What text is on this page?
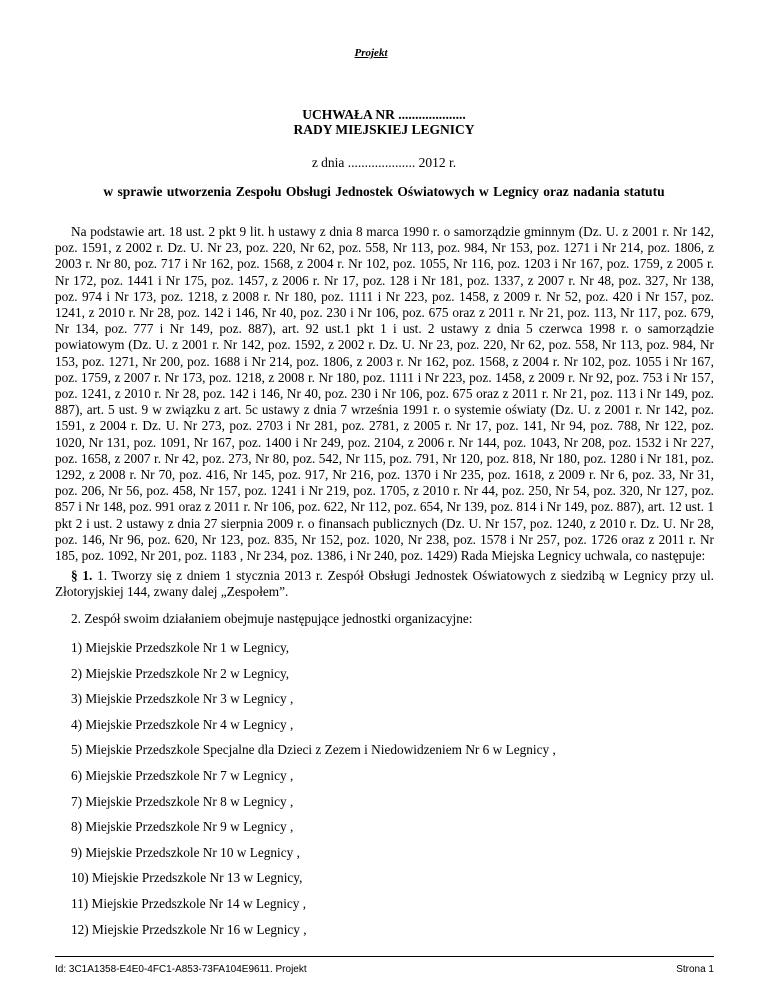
Projekt
UCHWAŁA NR ....................
RADY MIEJSKIEJ LEGNICY
z dnia .................... 2012 r.
w sprawie utworzenia Zespołu Obsługi Jednostek Oświatowych w Legnicy oraz nadania statutu

Na podstawie art. 18 ust. 2 pkt 9 lit. h ustawy z dnia 8 marca 1990 r. o samorządzie gminnym (Dz. U. z 2001 r. Nr 142, poz. 1591, z 2002 r. Dz. U. Nr 23, poz. 220, Nr 62, poz. 558, Nr 113, poz. 984, Nr 153, poz. 1271 i Nr 214, poz. 1806, z 2003 r. Nr 80, poz. 717 i Nr 162, poz. 1568, z 2004 r. Nr 102, poz. 1055, Nr 116, poz. 1203 i Nr 167, poz. 1759, z 2005 r. Nr 172, poz. 1441 i Nr 175, poz. 1457, z 2006 r. Nr 17, poz. 128 i Nr 181, poz. 1337, z 2007 r. Nr 48, poz. 327, Nr 138, poz. 974 i Nr 173, poz. 1218, z 2008 r. Nr 180, poz. 1111 i Nr 223, poz. 1458, z 2009 r. Nr 52, poz. 420 i Nr 157, poz. 1241, z 2010 r. Nr 28, poz. 142 i 146, Nr 40, poz. 230 i Nr 106, poz. 675 oraz z 2011 r. Nr 21, poz. 113, Nr 117, poz. 679, Nr 134, poz. 777 i Nr 149, poz. 887), art. 92 ust.1 pkt 1 i ust. 2 ustawy z dnia 5 czerwca 1998 r. o samorządzie powiatowym (Dz. U. z 2001 r. Nr 142, poz. 1592, z 2002 r. Dz. U. Nr 23, poz. 220, Nr 62, poz. 558, Nr 113, poz. 984, Nr 153, poz. 1271, Nr 200, poz. 1688 i Nr 214, poz. 1806, z 2003 r. Nr 162, poz. 1568, z 2004 r. Nr 102, poz. 1055 i Nr 167, poz. 1759, z 2007 r. Nr 173, poz. 1218, z 2008 r. Nr 180, poz. 1111 i Nr 223, poz. 1458, z 2009 r. Nr 92, poz. 753 i Nr 157, poz. 1241, z 2010 r. Nr 28, poz. 142 i 146, Nr 40, poz. 230 i Nr 106, poz. 675 oraz z 2011 r. Nr 21, poz. 113 i Nr 149, poz. 887), art. 5 ust. 9 w związku z art. 5c ustawy z dnia 7 września 1991 r. o systemie oświaty (Dz. U. z 2001 r. Nr 142, poz. 1591, z 2004 r. Dz. U. Nr 273, poz. 2703 i Nr 281, poz. 2781, z 2005 r. Nr 17, poz. 141, Nr 94, poz. 788, Nr 122, poz. 1020, Nr 131, poz. 1091, Nr 167, poz. 1400 i Nr 249, poz. 2104, z 2006 r. Nr 144, poz. 1043, Nr 208, poz. 1532 i Nr 227, poz. 1658, z 2007 r. Nr 42, poz. 273, Nr 80, poz. 542, Nr 115, poz. 791, Nr 120, poz. 818, Nr 180, poz. 1280 i Nr 181, poz. 1292, z 2008 r. Nr 70, poz. 416, Nr 145, poz. 917, Nr 216, poz. 1370 i Nr 235, poz. 1618, z 2009 r. Nr 6, poz. 33, Nr 31, poz. 206, Nr 56, poz. 458, Nr 157, poz. 1241 i Nr 219, poz. 1705, z 2010 r. Nr 44, poz. 250, Nr 54, poz. 320, Nr 127, poz. 857 i Nr 148, poz. 991 oraz z 2011 r. Nr 106, poz. 622, Nr 112, poz. 654, Nr 139, poz. 814 i Nr 149, poz. 887), art. 12 ust. 1 pkt 2 i ust. 2 ustawy z dnia 27 sierpnia 2009 r. o finansach publicznych (Dz. U. Nr 157, poz. 1240, z 2010 r. Dz. U. Nr 28, poz. 146, Nr 96, poz. 620, Nr 123, poz. 835, Nr 152, poz. 1020, Nr 238, poz. 1578 i Nr 257, poz. 1726 oraz z 2011 r. Nr 185, poz. 1092, Nr 201, poz. 1183 , Nr 234, poz. 1386, i Nr 240, poz. 1429) Rada Miejska Legnicy uchwala, co następuje:

§ 1. 1. Tworzy się z dniem 1 stycznia 2013 r. Zespół Obsługi Jednostek Oświatowych z siedzibą w Legnicy przy ul. Złotoryjskiej 144, zwany dalej „Zespołem”.

2. Zespół swoim działaniem obejmuje następujące jednostki organizacyjne:

1) Miejskie Przedszkole Nr 1 w Legnicy,
2) Miejskie Przedszkole Nr 2 w Legnicy,
3) Miejskie Przedszkole Nr 3 w Legnicy ,
4) Miejskie Przedszkole Nr 4 w Legnicy ,
5) Miejskie Przedszkole Specjalne dla Dzieci z Zezem i Niedowidzeniem Nr 6 w Legnicy ,
6) Miejskie Przedszkole Nr 7 w Legnicy ,
7) Miejskie Przedszkole Nr 8 w Legnicy ,
8) Miejskie Przedszkole Nr 9 w Legnicy ,
9) Miejskie Przedszkole Nr 10 w Legnicy ,
10) Miejskie Przedszkole Nr 13 w Legnicy,
11) Miejskie Przedszkole Nr 14 w Legnicy ,
12) Miejskie Przedszkole Nr 16 w Legnicy ,
Id: 3C1A1358-E4E0-4FC1-A853-73FA104E9611. Projekt	Strona 1
